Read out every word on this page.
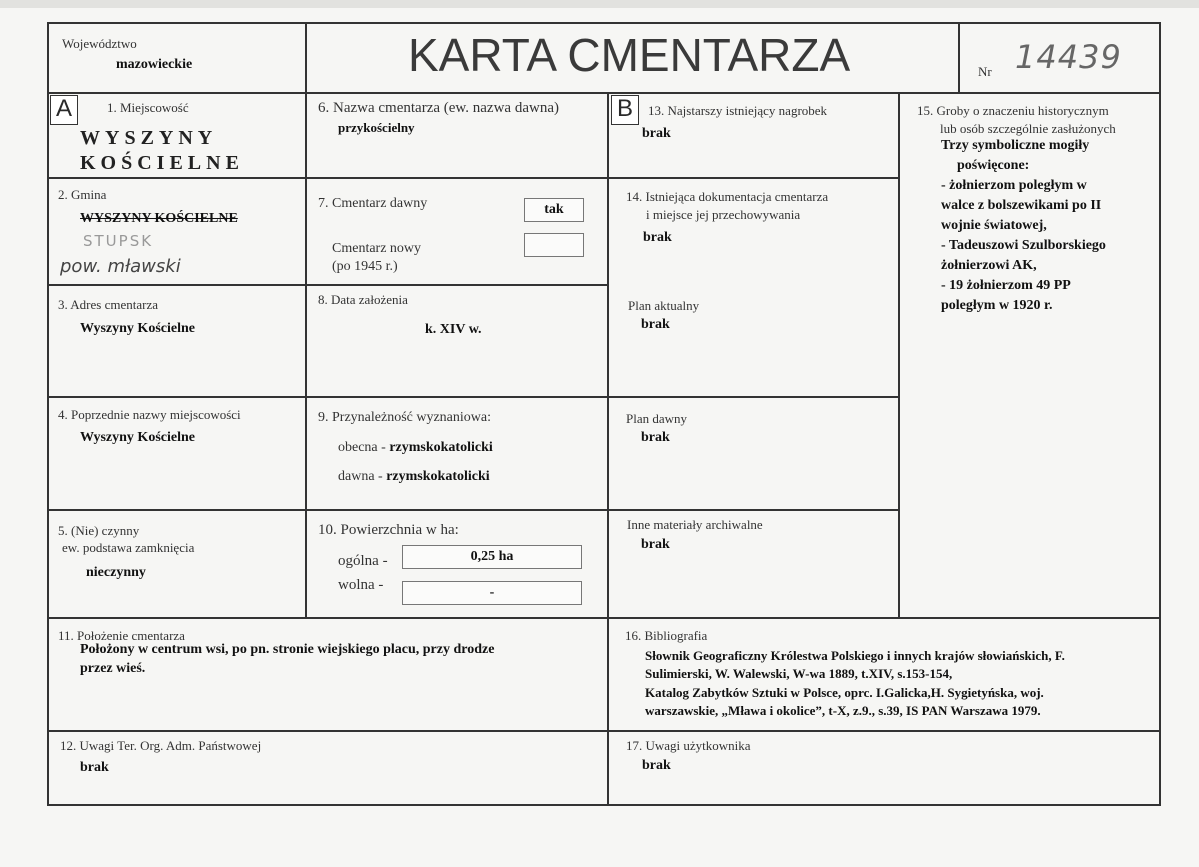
Województwo
mazowieckie	KARTA CMENTARZA	Nr 14439
A	B
1. Miejscowość
WYSZYNY
KOŚCIELNE
2. Gmina
WYSZYNY KOŚCIELNE
STUPSK
pow. mławski
3. Adres cmentarza
Wyszyny Kościelne
4. Poprzednie nazwy miejscowości
Wyszyny Kościelne
5. (Nie) czynny
ew. podstawa zamknięcia
nieczynny
6. Nazwa cmentarza (ew. nazwa dawna)
przykościelny
7. Cmentarz dawny	tak
Cmentarz nowy
(po 1945 r.)
8. Data założenia
k. XIV w.
9. Przynależność wyznaniowa:
obecna - rzymskokatolicki
dawna - rzymskokatolicki
10. Powierzchnia w ha:
ogólna -	0,25 ha
wolna -	-
13. Najstarszy istniejący nagrobek
brak
14. Istniejąca dokumentacja cmentarza
i miejsce jej przechowywania
brak
Plan aktualny
brak
Plan dawny
brak
Inne materiały archiwalne
brak
15. Groby o znaczeniu historycznym
lub osób szczególnie zasłużonych
Trzy symboliczne mogiły
poświęcone:
- żołnierzom poległym w
walce z bolszewikami po II
wojnie światowej,
- Tadeuszowi Szulborskiego
żołnierzowi AK,
- 19 żołnierzom 49 PP
poległym w 1920 r.
11. Położenie cmentarza
Położony w centrum wsi, po pn. stronie wiejskiego placu, przy drodze
przez wieś.
16. Bibliografia
Słownik Geograficzny Królestwa Polskiego i innych krajów słowiańskich, F.
Sulimierski, W. Walewski, W-wa 1889, t.XIV, s.153-154,
Katalog Zabytków Sztuki w Polsce, oprc. I.Galicka,H. Sygietyńska, woj.
warszawskie, „Mława i okolice”, t-X, z.9., s.39, IS PAN Warszawa 1979.
12. Uwagi Ter. Org. Adm. Państwowej
brak
17. Uwagi użytkownika
brak
